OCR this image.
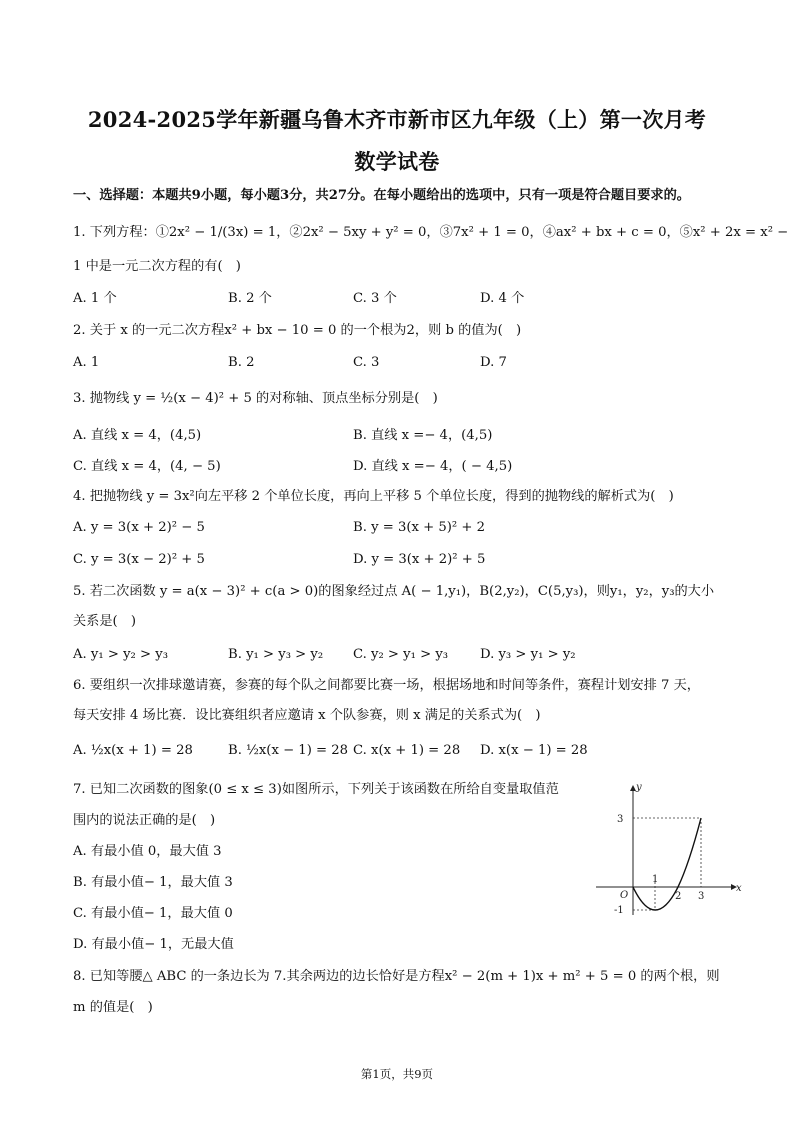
2024-2025学年新疆乌鲁木齐市新市区九年级（上）第一次月考
数学试卷
一、选择题：本题共9小题，每小题3分，共27分。在每小题给出的选项中，只有一项是符合题目要求的。
1. 下列方程：①2x² − 1/(3x) = 1，②2x² − 5xy + y² = 0，③7x² + 1 = 0，④ax² + bx + c = 0，⑤x² + 2x = x² −
1 中是一元二次方程的有(　)
A. 1 个	B. 2 个	C. 3 个	D. 4 个
2. 关于 x 的一元二次方程x² + bx − 10 = 0 的一个根为2，则 b 的值为(　)
A. 1	B. 2	C. 3	D. 7
3. 抛物线 y = ½(x − 4)² + 5 的对称轴、顶点坐标分别是(　)
A. 直线 x = 4，(4,5)	B. 直线 x =− 4，(4,5)
C. 直线 x = 4，(4, − 5)	D. 直线 x =− 4，( − 4,5)
4. 把抛物线 y = 3x²向左平移 2 个单位长度，再向上平移 5 个单位长度，得到的抛物线的解析式为(　)
A. y = 3(x + 2)² − 5	B. y = 3(x + 5)² + 2
C. y = 3(x − 2)² + 5	D. y = 3(x + 2)² + 5
5. 若二次函数 y = a(x − 3)² + c(a > 0)的图象经过点 A( − 1,y₁)，B(2,y₂)，C(5,y₃)，则y₁，y₂，y₃的大小
关系是(　)
A. y₁ > y₂ > y₃	B. y₁ > y₃ > y₂ C. y₂ > y₁ > y₃ D. y₃ > y₁ > y₂
6. 要组织一次排球邀请赛，参赛的每个队之间都要比赛一场，根据场地和时间等条件，赛程计划安排 7 天，
每天安排 4 场比赛．设比赛组织者应邀请 x 个队参赛，则 x 满足的关系式为(　)
A. ½x(x + 1) = 28	B. ½x(x − 1) = 28 C. x(x + 1) = 28 D. x(x − 1) = 28
7. 已知二次函数的图象(0 ≤ x ≤ 3)如图所示，下列关于该函数在所给自变量取值范
围内的说法正确的是(　)
A. 有最小值 0，最大值 3
B. 有最小值− 1，最大值 3
C. 有最小值− 1，最大值 0
D. 有最小值− 1，无最大值
y
x
O
3
-1
1
2 3
8. 已知等腰△ ABC 的一条边长为 7.其余两边的边长恰好是方程x² − 2(m + 1)x + m² + 5 = 0 的两个根，则
m 的值是(　)
第1页，共9页
